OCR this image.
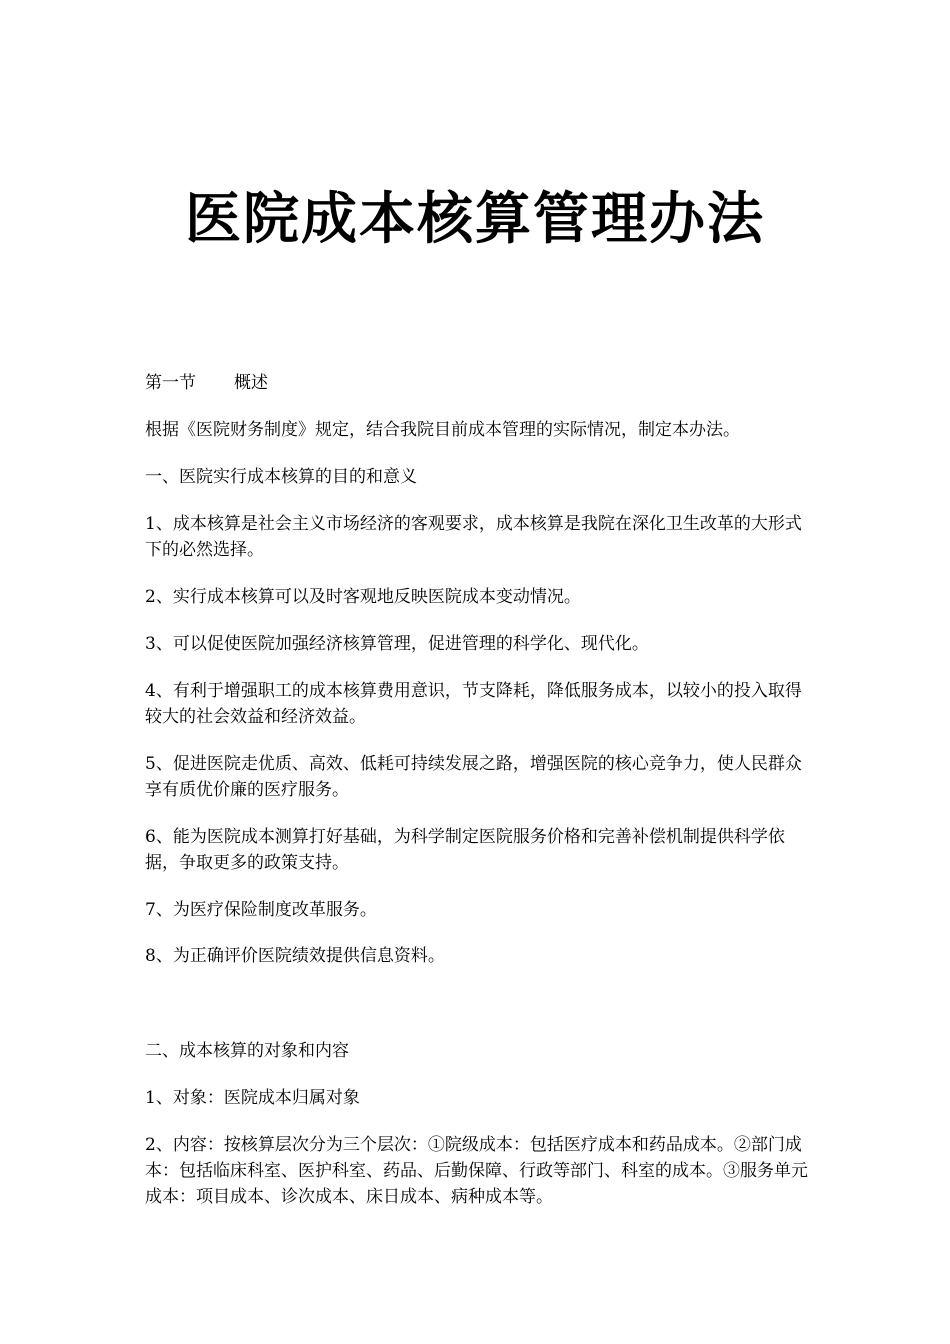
医院成本核算管理办法

第一节 概述

根据《医院财务制度》规定，结合我院目前成本管理的实际情况，制定本办法。

一、医院实行成本核算的目的和意义

1、成本核算是社会主义市场经济的客观要求，成本核算是我院在深化卫生改革的大形式下的必然选择。

2、实行成本核算可以及时客观地反映医院成本变动情况。

3、可以促使医院加强经济核算管理，促进管理的科学化、现代化。

4、有利于增强职工的成本核算费用意识，节支降耗，降低服务成本，以较小的投入取得较大的社会效益和经济效益。

5、促进医院走优质、高效、低耗可持续发展之路，增强医院的核心竞争力，使人民群众享有质优价廉的医疗服务。

6、能为医院成本测算打好基础，为科学制定医院服务价格和完善补偿机制提供科学依据，争取更多的政策支持。

7、为医疗保险制度改革服务。

8、为正确评价医院绩效提供信息资料。

二、成本核算的对象和内容

1、对象：医院成本归属对象

2、内容：按核算层次分为三个层次：①院级成本：包括医疗成本和药品成本。②部门成本：包括临床科室、医护科室、药品、后勤保障、行政等部门、科室的成本。③服务单元成本：项目成本、诊次成本、床日成本、病种成本等。
